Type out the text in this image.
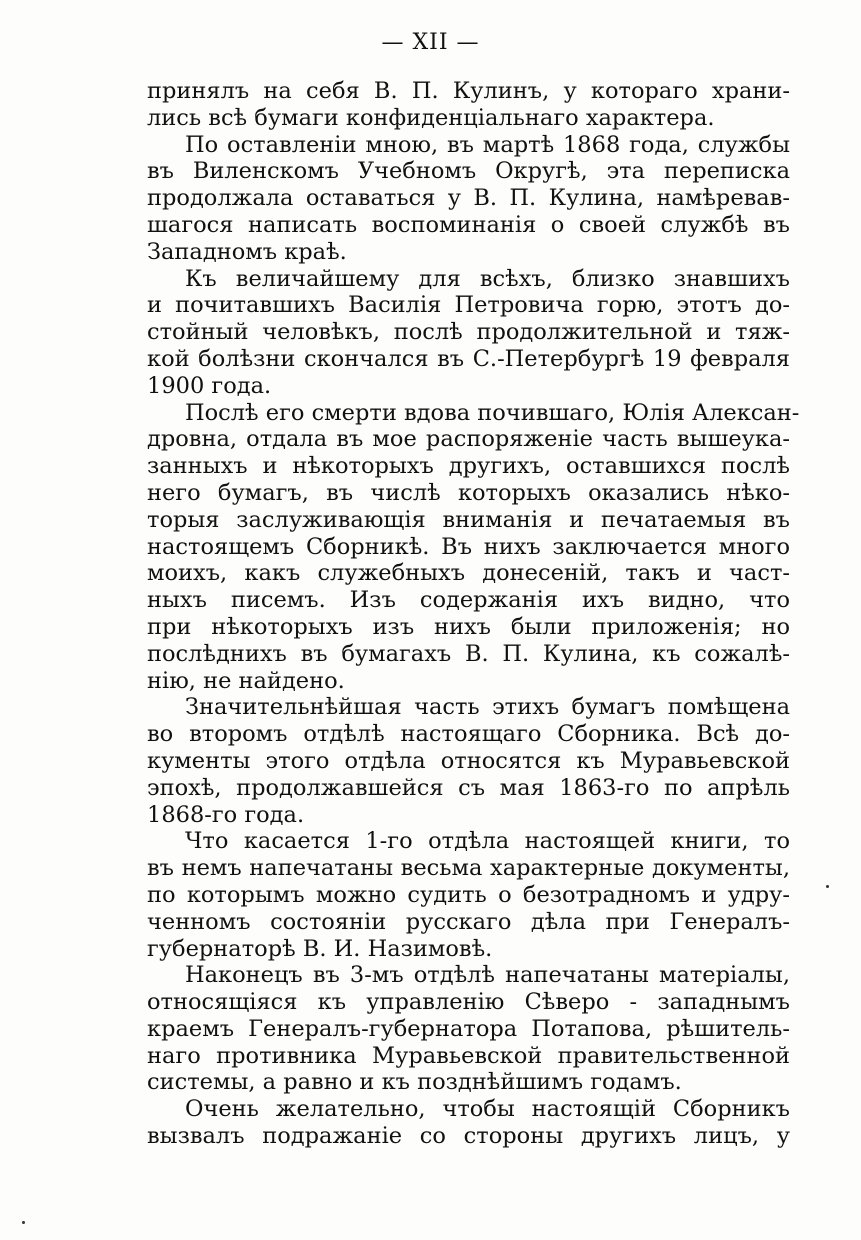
— XII —
принялъ на себя В. П. Кулинъ, у котораго храни-
лись всѣ бумаги конфиденціальнаго характера.
По оставленіи мною, въ мартѣ 1868 года, службы
въ Виленскомъ Учебномъ Округѣ, эта переписка
продолжала оставаться у В. П. Кулина, намѣревав-
шагося написать воспоминанія о своей службѣ въ
Западномъ краѣ.
Къ величайшему для всѣхъ, близко знавшихъ
и почитавшихъ Василія Петровича горю, этотъ до-
стойный человѣкъ, послѣ продолжительной и тяж-
кой болѣзни скончался въ С.-Петербургѣ 19 февраля
1900 года.
Послѣ его смерти вдова почившаго, Юлія Алексан-
дровна, отдала въ мое распоряженіе часть вышеука-
занныхъ и нѣкоторыхъ другихъ, оставшихся послѣ
него бумагъ, въ числѣ которыхъ оказались нѣко-
торыя заслуживающія вниманія и печатаемыя въ
настоящемъ Сборникѣ. Въ нихъ заключается много
моихъ, какъ служебныхъ донесеній, такъ и част-
ныхъ писемъ. Изъ содержанія ихъ видно, что
при нѣкоторыхъ изъ нихъ были приложенія; но
послѣднихъ въ бумагахъ В. П. Кулина, къ сожалѣ-
нію, не найдено.
Значительнѣйшая часть этихъ бумагъ помѣщена
во второмъ отдѣлѣ настоящаго Сборника. Всѣ до-
кументы этого отдѣла относятся къ Муравьевской
эпохѣ, продолжавшейся съ мая 1863-го по апрѣль
1868-го года.
Что касается 1-го отдѣла настоящей книги, то
въ немъ напечатаны весьма характерные документы,
по которымъ можно судить о безотрадномъ и удру-
ченномъ состояніи русскаго дѣла при Генералъ-
губернаторѣ В. И. Назимовѣ.
Наконецъ въ 3-мъ отдѣлѣ напечатаны матеріалы,
относящіяся къ управленію Сѣверо - западнымъ
краемъ Генералъ-губернатора Потапова, рѣшитель-
наго противника Муравьевской правительственной
системы, а равно и къ позднѣйшимъ годамъ.
Очень желательно, чтобы настоящій Сборникъ
вызвалъ подражаніе со стороны другихъ лицъ, у
